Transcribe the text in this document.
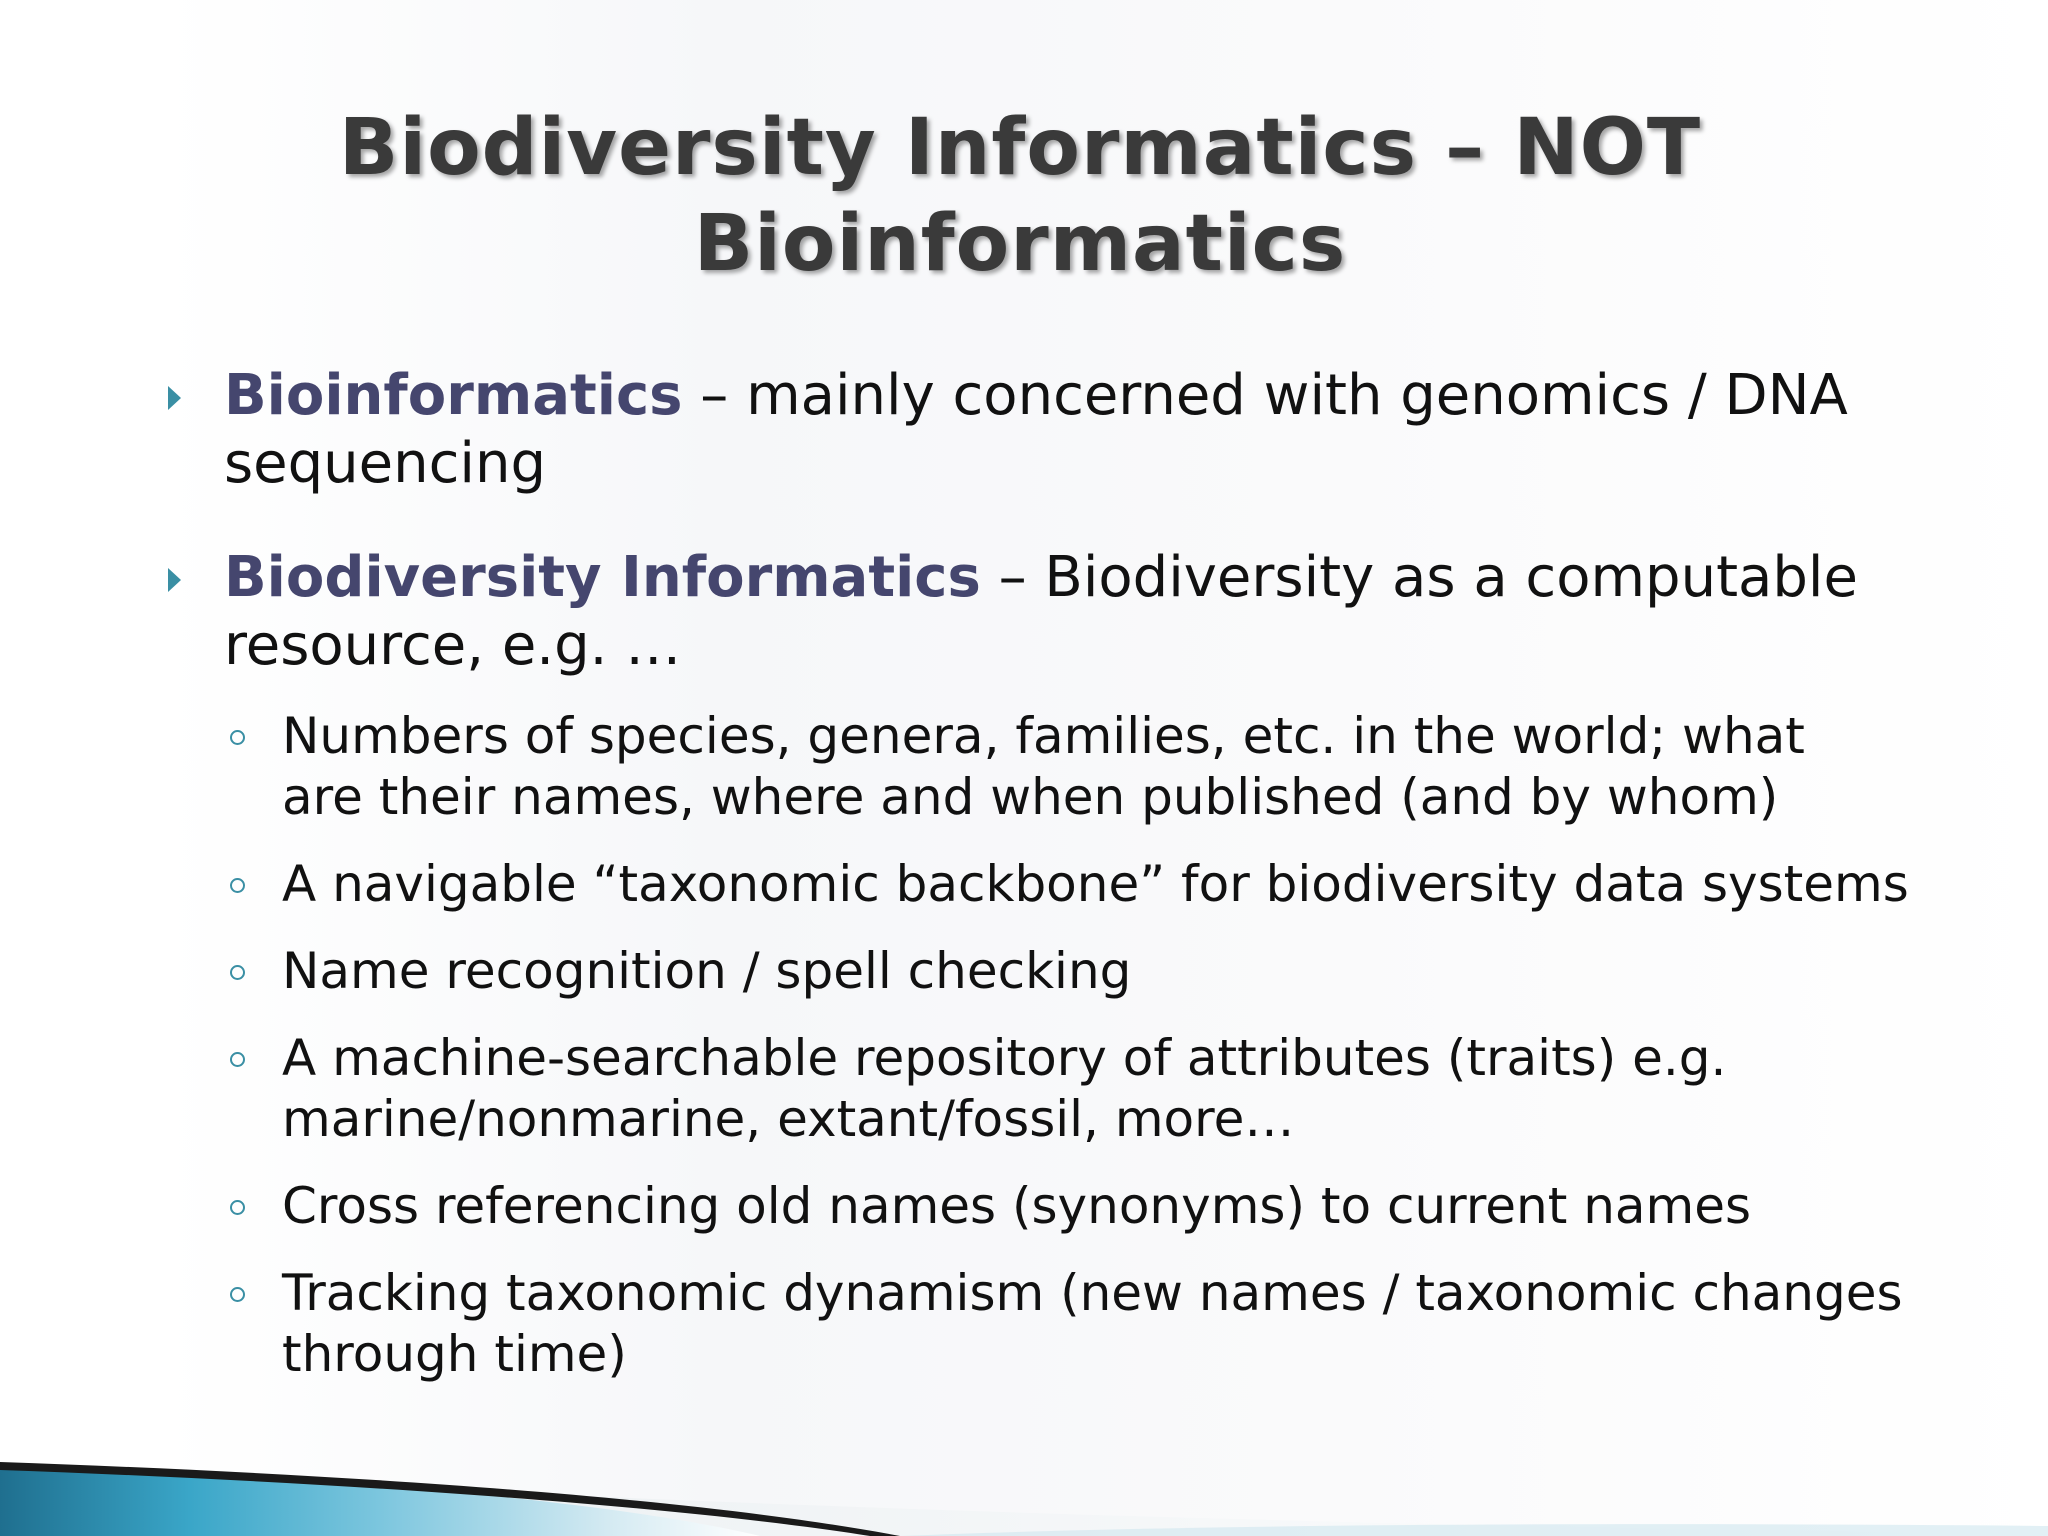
Biodiversity Informatics – NOT
Bioinformatics
Bioinformatics – mainly concerned with genomics / DNA
sequencing
Biodiversity Informatics – Biodiversity as a computable
resource, e.g. …
Numbers of species, genera, families, etc. in the world; what
are their names, where and when published (and by whom)
A navigable “taxonomic backbone” for biodiversity data systems
Name recognition / spell checking
A machine-searchable repository of attributes (traits) e.g.
marine/nonmarine, extant/fossil, more…
Cross referencing old names (synonyms) to current names
Tracking taxonomic dynamism (new names / taxonomic changes
through time)
